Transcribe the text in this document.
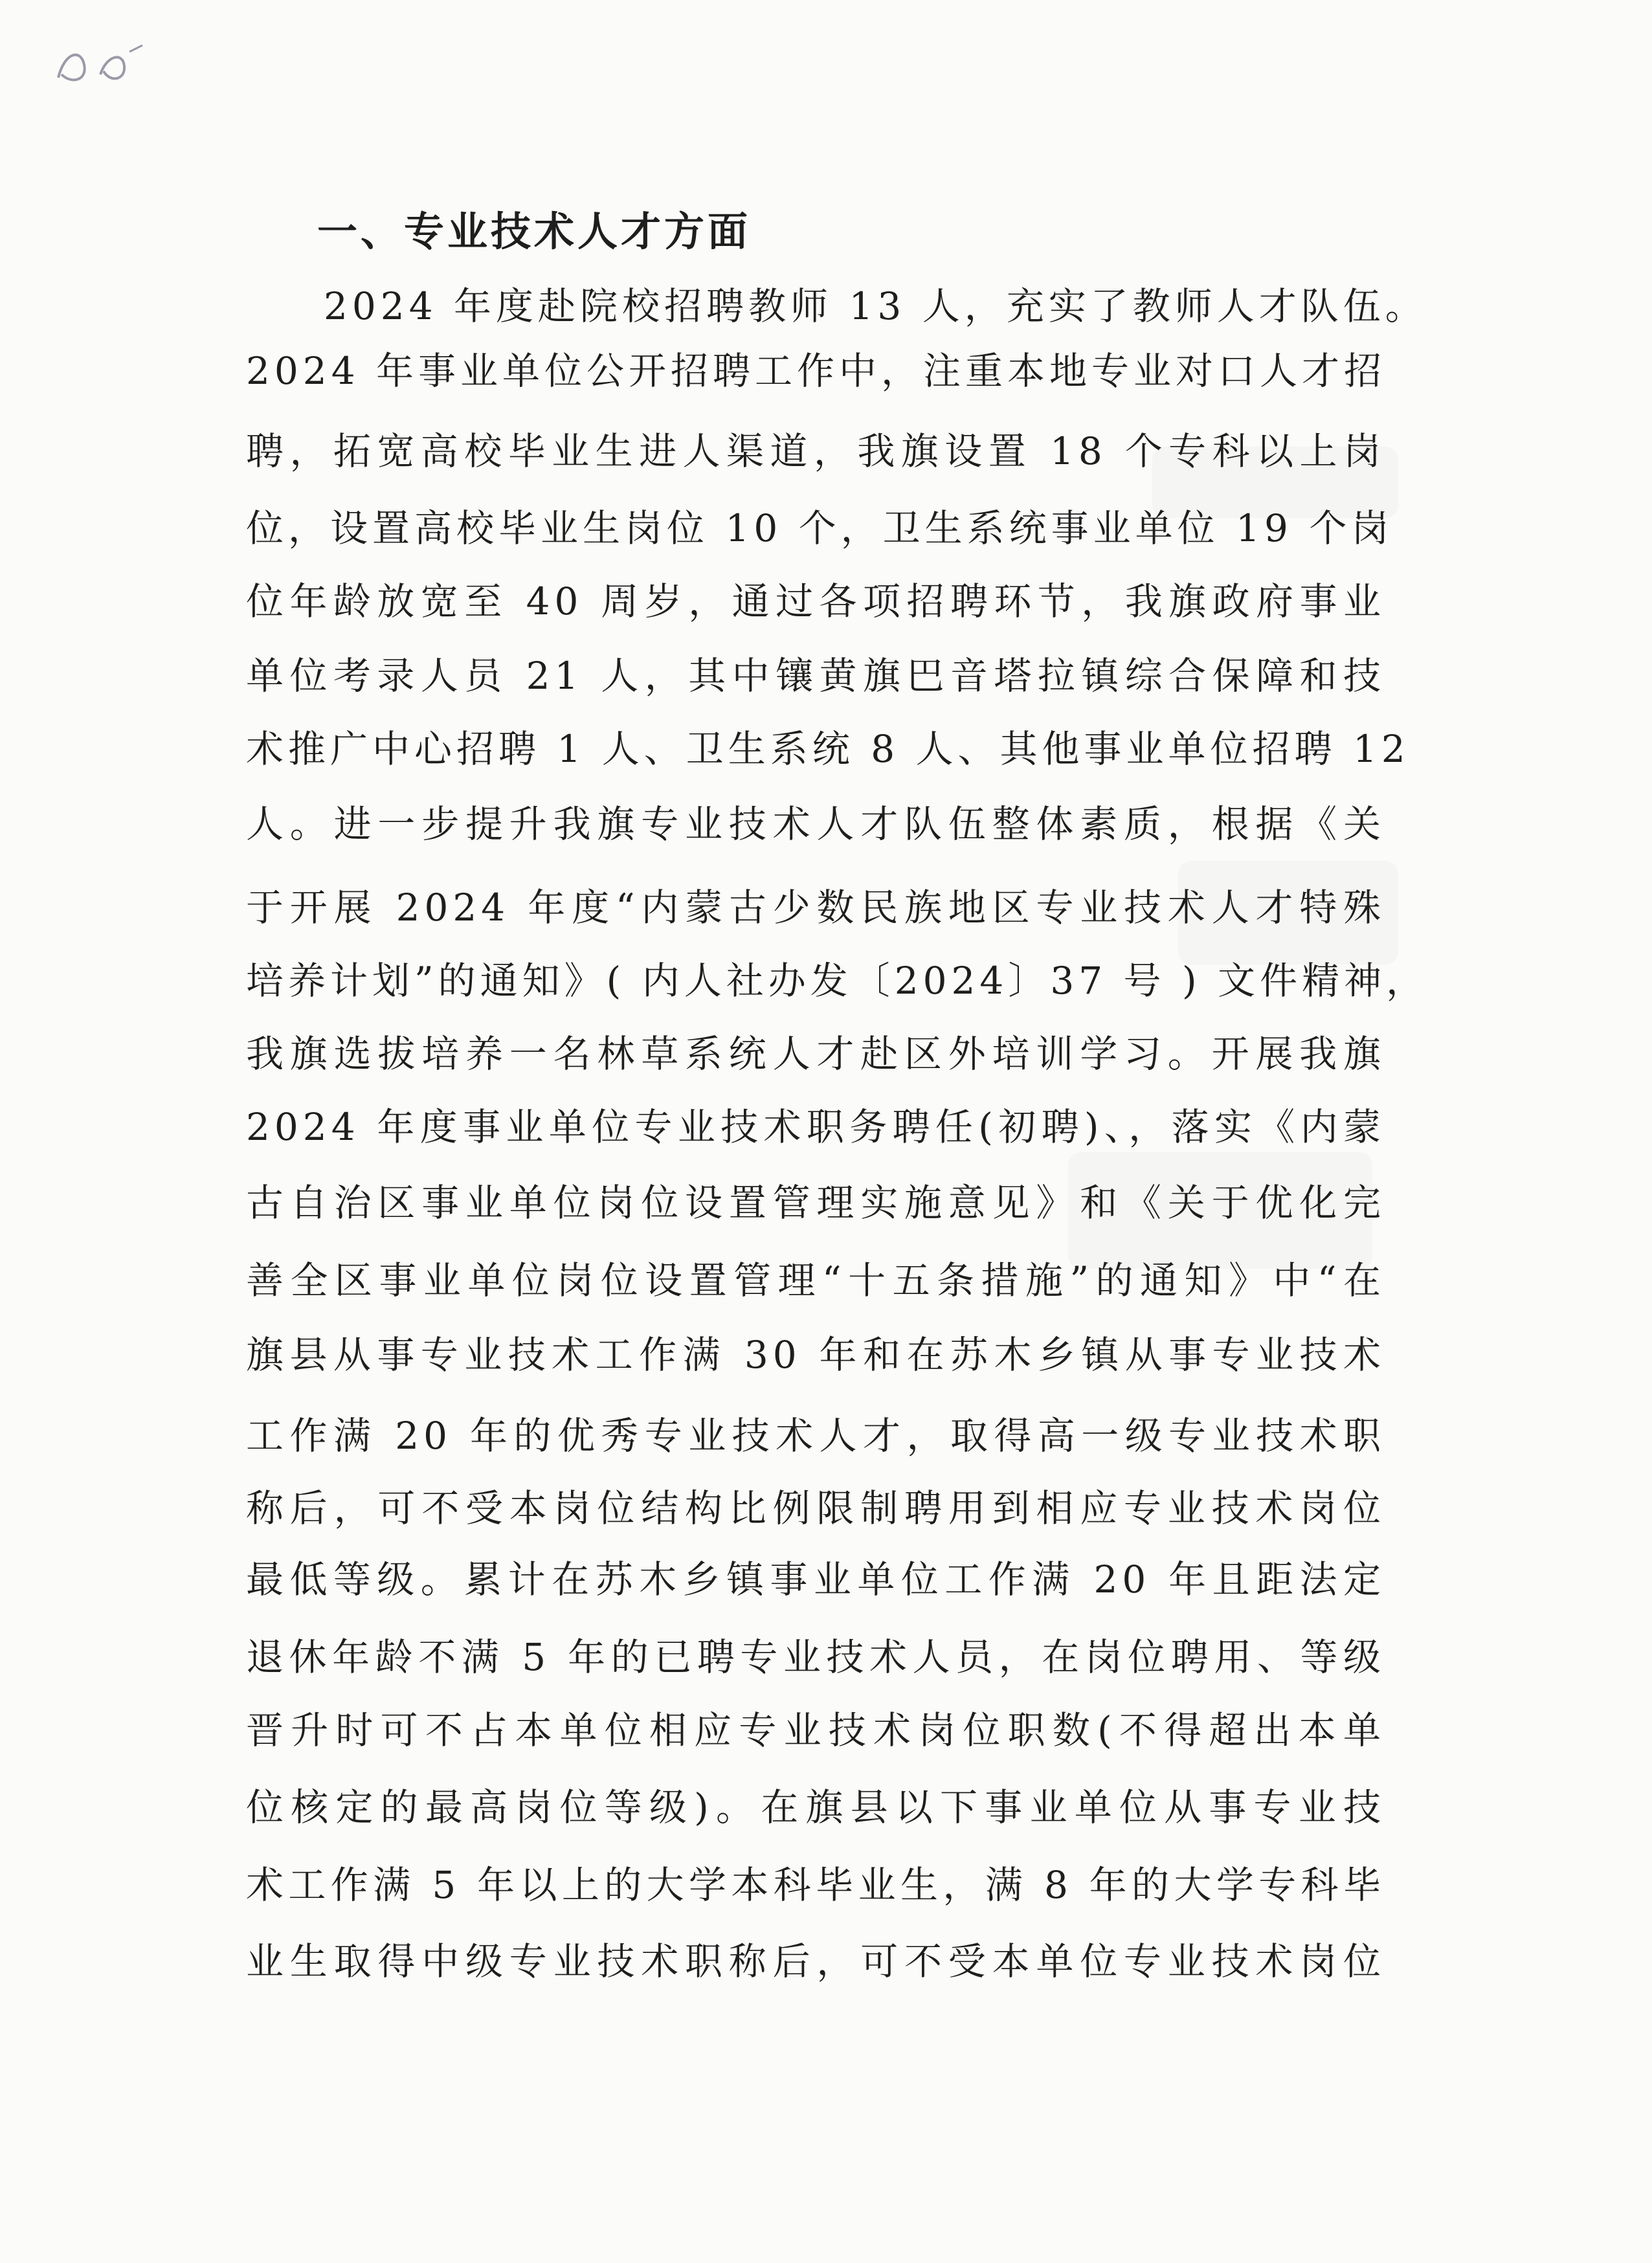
一、专业技术人才方面

2024 年度赴院校招聘教师 13 人，充实了教师人才队伍。

2024 年事业单位公开招聘工作中，注重本地专业对口人才招

聘，拓宽高校毕业生进人渠道，我旗设置 18 个专科以上岗

位，设置高校毕业生岗位 10 个，卫生系统事业单位 19 个岗

位年龄放宽至 40 周岁，通过各项招聘环节，我旗政府事业

单位考录人员 21 人，其中镶黄旗巴音塔拉镇综合保障和技

术推广中心招聘 1 人、卫生系统 8 人、其他事业单位招聘 12

人。进一步提升我旗专业技术人才队伍整体素质，根据《关

于开展 2024 年度“内蒙古少数民族地区专业技术人才特殊

培养计划”的通知》( 内人社办发〔2024〕37 号 ) 文件精神，

我旗选拔培养一名林草系统人才赴区外培训学习。开展我旗

2024 年度事业单位专业技术职务聘任(初聘)、，落实《内蒙

古自治区事业单位岗位设置管理实施意见》和《关于优化完

善全区事业单位岗位设置管理“十五条措施”的通知》中“在

旗县从事专业技术工作满 30 年和在苏木乡镇从事专业技术

工作满 20 年的优秀专业技术人才，取得高一级专业技术职

称后，可不受本岗位结构比例限制聘用到相应专业技术岗位

最低等级。累计在苏木乡镇事业单位工作满 20 年且距法定

退休年龄不满 5 年的已聘专业技术人员，在岗位聘用、等级

晋升时可不占本单位相应专业技术岗位职数(不得超出本单

位核定的最高岗位等级)。在旗县以下事业单位从事专业技

术工作满 5 年以上的大学本科毕业生，满 8 年的大学专科毕

业生取得中级专业技术职称后，可不受本单位专业技术岗位
